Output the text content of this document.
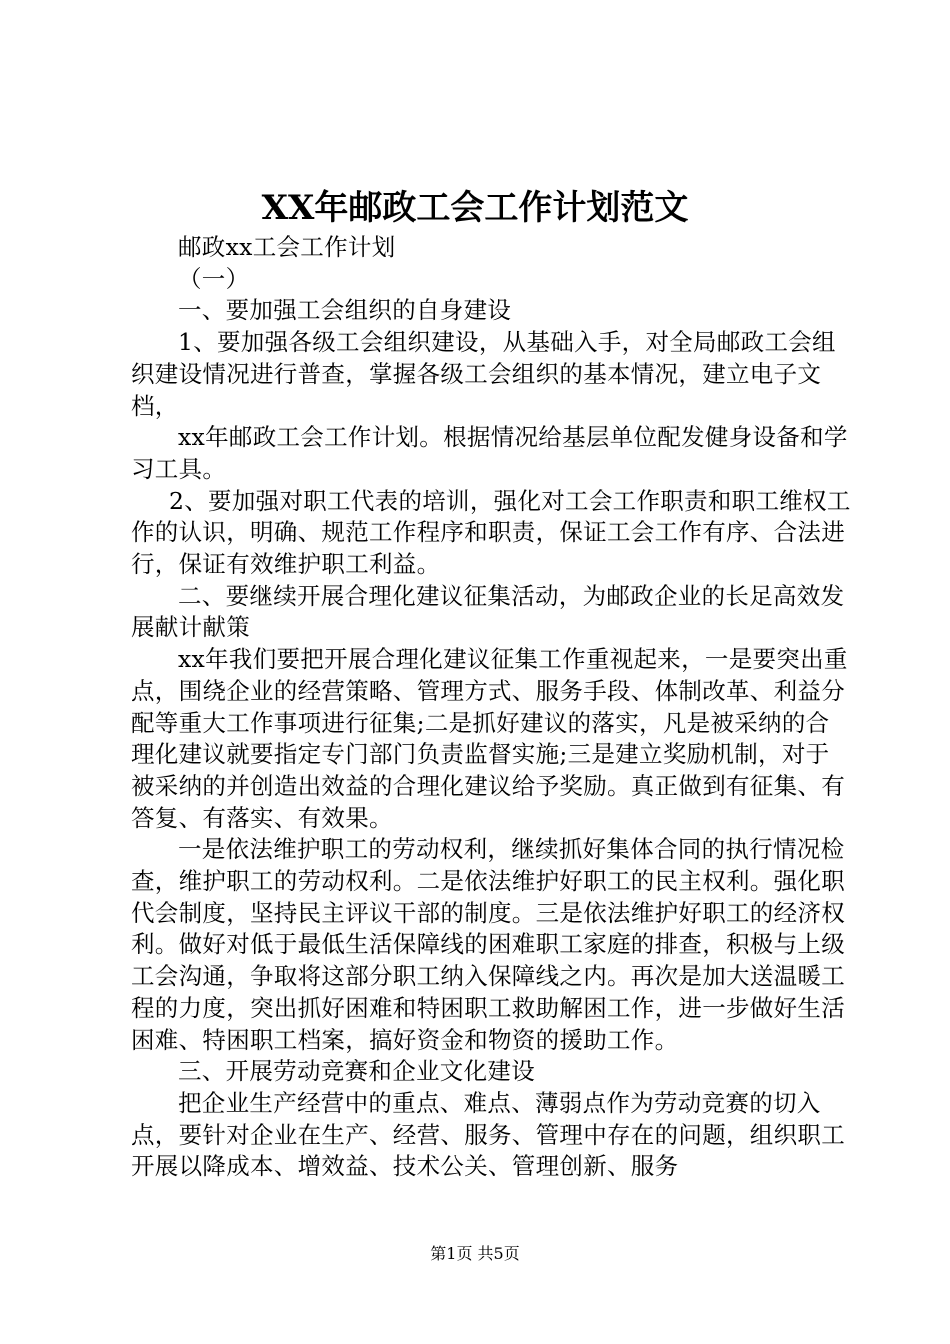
XX年邮政工会工作计划范文

邮政xx工会工作计划

（一）

一、要加强工会组织的自身建设

1、要加强各级工会组织建设，从基础入手，对全局邮政工会组织建设情况进行普查，掌握各级工会组织的基本情况，建立电子文档，

xx年邮政工会工作计划。根据情况给基层单位配发健身设备和学习工具。

2、要加强对职工代表的培训，强化对工会工作职责和职工维权工作的认识，明确、规范工作程序和职责，保证工会工作有序、合法进行，保证有效维护职工利益。

二、要继续开展合理化建议征集活动，为邮政企业的长足高效发展献计献策

xx年我们要把开展合理化建议征集工作重视起来，一是要突出重点，围绕企业的经营策略、管理方式、服务手段、体制改革、利益分配等重大工作事项进行征集;二是抓好建议的落实，凡是被采纳的合理化建议就要指定专门部门负责监督实施;三是建立奖励机制，对于被采纳的并创造出效益的合理化建议给予奖励。真正做到有征集、有答复、有落实、有效果。

一是依法维护职工的劳动权利，继续抓好集体合同的执行情况检查，维护职工的劳动权利。二是依法维护好职工的民主权利。强化职代会制度，坚持民主评议干部的制度。三是依法维护好职工的经济权利。做好对低于最低生活保障线的困难职工家庭的排查，积极与上级工会沟通，争取将这部分职工纳入保障线之内。再次是加大送温暖工程的力度，突出抓好困难和特困职工救助解困工作，进一步做好生活困难、特困职工档案，搞好资金和物资的援助工作。

三、开展劳动竞赛和企业文化建设

把企业生产经营中的重点、难点、薄弱点作为劳动竞赛的切入点，要针对企业在生产、经营、服务、管理中存在的问题，组织职工开展以降成本、增效益、技术公关、管理创新、服务

第1页 共5页
